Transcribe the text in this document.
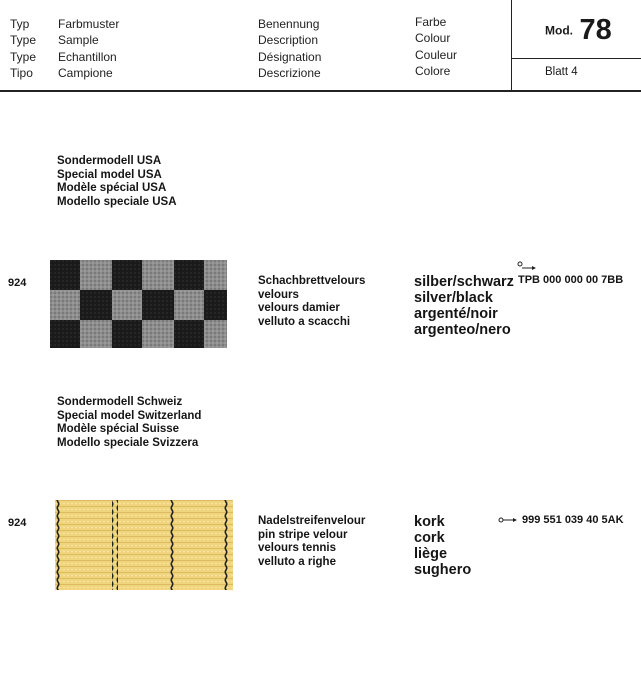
Typ
Type
Type
Tipo
Farbmuster
Sample
Echantillon
Campione
Benennung
Description
Désignation
Descrizione
Farbe
Colour
Couleur
Colore
Mod. 78
Blatt 4
Sondermodell USA
Special model USA
Modèle spécial USA
Modello speciale USA
924	Schachbrettvelours
velours
velours damier
velluto a scacchi
silber/schwarz
silver/black
argenté/noir
argenteo/nero
TPB 000 000 00 7BB
Sondermodell Schweiz
Special model Switzerland
Modèle spécial Suisse
Modello speciale Svizzera
924	Nadelstreifenvelour
pin stripe velour
velours tennis
velluto a righe
kork
cork
liège
sughero
999 551 039 40 5AK
